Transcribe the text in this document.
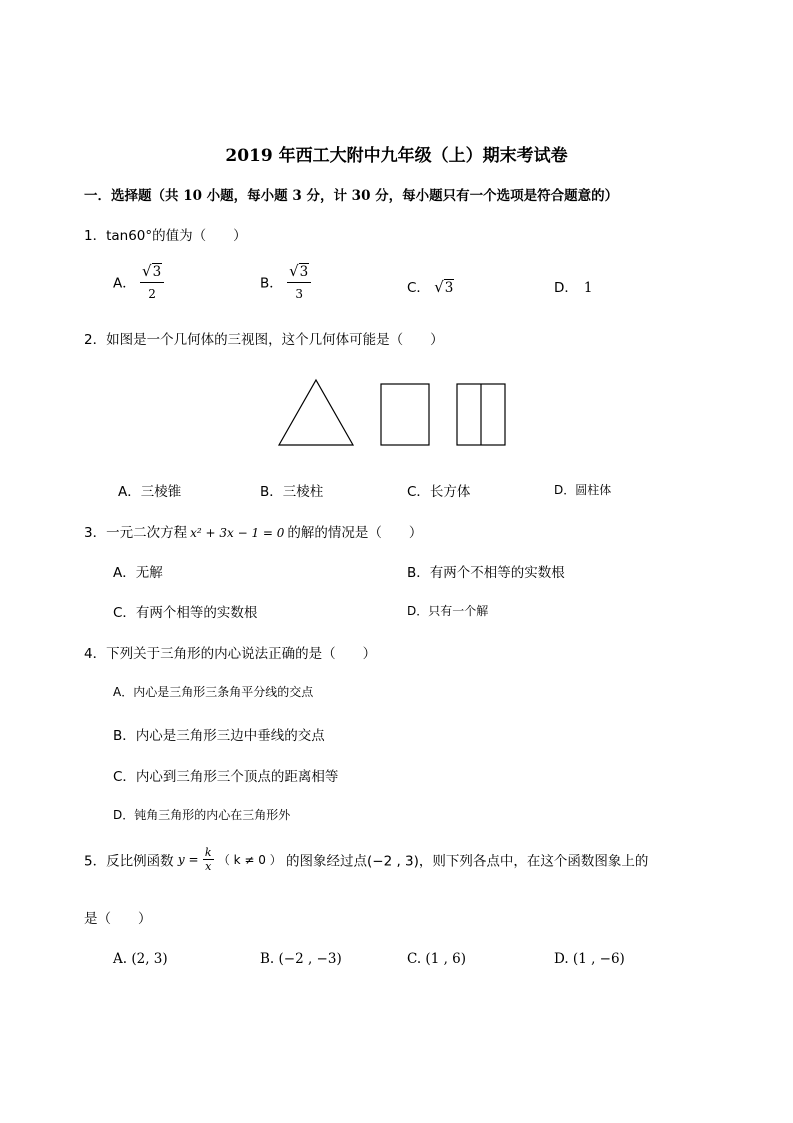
2019 年西工大附中九年级（上）期末考试卷
一．选择题（共 10 小题，每小题 3 分，计 30 分，每小题只有一个选项是符合题意的）
1．tan60°的值为（　　）
A． $\frac{√3}{2}$	B． $\frac{√3}{3}$	C． √3	D． 1
2．如图是一个几何体的三视图，这个几何体可能是（　　）
A．三棱锥	B．三棱柱	C．长方体	D．圆柱体
3．一元二次方程 x² + 3x − 1 = 0 的解的情况是（　　）
A．无解	B．有两个不相等的实数根
C．有两个相等的实数根	D．只有一个解
4．下列关于三角形的内心说法正确的是（　　）
A．内心是三角形三条角平分线的交点
B．内心是三角形三边中垂线的交点
C．内心到三角形三个顶点的距离相等
D．钝角三角形的内心在三角形外
5．反比例函数 $y = \frac{k}{x}$ （ k ≠ 0 ） 的图象经过点(−2 , 3)，则下列各点中，在这个函数图象上的
是（　　）
A. (2, 3)	B. (−2 , −3)	C. (1 , 6)	D. (1 , −6)
